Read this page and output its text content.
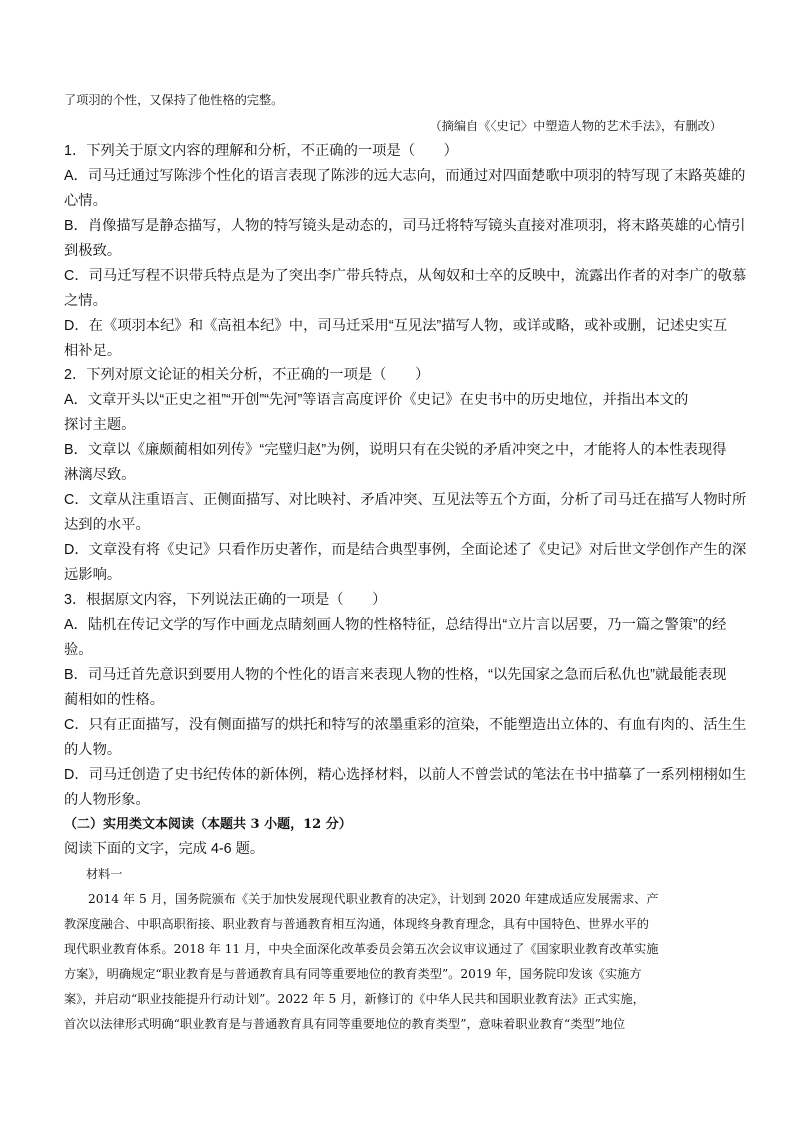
了项羽的个性，又保持了他性格的完整。
（摘编自《〈史记〉中塑造人物的艺术手法》，有删改）
1．下列关于原文内容的理解和分析，不正确的一项是（　　）
A．司马迁通过写陈涉个性化的语言表现了陈涉的远大志向，而通过对四面楚歌中项羽的特写现了末路英雄的
心情。
B．肖像描写是静态描写，人物的特写镜头是动态的，司马迁将特写镜头直接对准项羽，将末路英雄的心情引
到极致。
C．司马迁写程不识带兵特点是为了突出李广带兵特点，从匈奴和士卒的反映中，流露出作者的对李广的敬慕
之情。
D．在《项羽本纪》和《高祖本纪》中，司马迁采用“互见法”描写人物，或详或略，或补或删，记述史实互
相补足。
2．下列对原文论证的相关分析，不正确的一项是（　　）
A．文章开头以“正史之祖”“开创”“先河”等语言高度评价《史记》在史书中的历史地位，并指出本文的
探讨主题。
B．文章以《廉颇蔺相如列传》“完璧归赵”为例，说明只有在尖锐的矛盾冲突之中，才能将人的本性表现得
淋漓尽致。
C．文章从注重语言、正侧面描写、对比映衬、矛盾冲突、互见法等五个方面，分析了司马迁在描写人物时所
达到的水平。
D．文章没有将《史记》只看作历史著作，而是结合典型事例，全面论述了《史记》对后世文学创作产生的深
远影响。
3．根据原文内容，下列说法正确的一项是（　　）
A．陆机在传记文学的写作中画龙点睛刻画人物的性格特征，总结得出“立片言以居要，乃一篇之警策”的经
验。
B．司马迁首先意识到要用人物的个性化的语言来表现人物的性格，“以先国家之急而后私仇也”就最能表现
蔺相如的性格。
C．只有正面描写，没有侧面描写的烘托和特写的浓墨重彩的渲染，不能塑造出立体的、有血有肉的、活生生
的人物。
D．司马迁创造了史书纪传体的新体例，精心选择材料，以前人不曾尝试的笔法在书中描摹了一系列栩栩如生
的人物形象。
（二）实用类文本阅读（本题共 3 小题，12 分）
阅读下面的文字，完成 4-6 题。
材料一
2014 年 5 月，国务院颁布《关于加快发展现代职业教育的决定》，计划到 2020 年建成适应发展需求、产
教深度融合、中职高职衔接、职业教育与普通教育相互沟通，体现终身教育理念，具有中国特色、世界水平的
现代职业教育体系。2018 年 11 月，中央全面深化改革委员会第五次会议审议通过了《国家职业教育改革实施
方案》，明确规定“职业教育是与普通教育具有同等重要地位的教育类型”。2019 年，国务院印发该《实施方
案》，并启动“职业技能提升行动计划”。2022 年 5 月，新修订的《中华人民共和国职业教育法》正式实施，
首次以法律形式明确“职业教育是与普通教育具有同等重要地位的教育类型”，意味着职业教育“类型”地位
